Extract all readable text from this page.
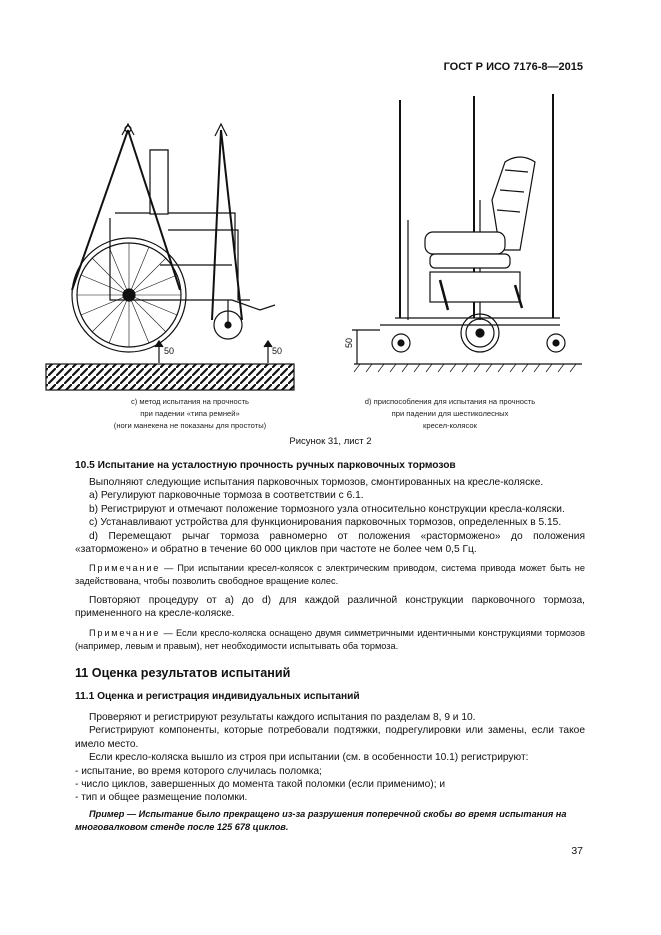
ГОСТ Р ИСО 7176-8—2015
50	50
50
с) метод испытания на прочность
при падении «типа ремней»
(ноги манекена не показаны для простоты)
d) приспособления для испытания на прочность
при падении для шестиколесных
кресел-колясок
Рисунок 31, лист 2
10.5 Испытание на усталостную прочность ручных парковочных тормозов

Выполняют следующие испытания парковочных тормозов, смонтированных на кресле-коляске.

a) Регулируют парковочные тормоза в соответствии с 6.1.

b) Регистрируют и отмечают положение тормозного узла относительно конструкции кресла-коляски.

c) Устанавливают устройства для функционирования парковочных тормозов, определенных в 5.15.

d) Перемещают рычаг тормоза равномерно от положения «расторможено» до положения «заторможено» и обратно в течение 60 000 циклов при частоте не более чем 0,5 Гц.

Примечание — При испытании кресел-колясок с электрическим приводом, система привода может быть не задействована, чтобы позволить свободное вращение колес.
Повторяют процедуру от a) до d) для каждой различной конструкции парковочного тормоза, примененного на кресле-коляске.
Примечание — Если кресло-коляска оснащено двумя симметричными идентичными конструкциями тормозов (например, левым и правым), нет необходимости испытывать оба тормоза.
11 Оценка результатов испытаний
11.1 Оценка и регистрация индивидуальных испытаний

Проверяют и регистрируют результаты каждого испытания по разделам 8, 9 и 10.

Регистрируют компоненты, которые потребовали подтяжки, подрегулировки или замены, если такое имело место.

Если кресло-коляска вышло из строя при испытании (см. в особенности 10.1) регистрируют:

- испытание, во время которого случилась поломка;

- число циклов, завершенных до момента такой поломки (если применимо); и

- тип и общее размещение поломки.

Пример — Испытание было прекращено из-за разрушения поперечной скобы во время испытания на многовалковом стенде после 125 678 циклов.
37
